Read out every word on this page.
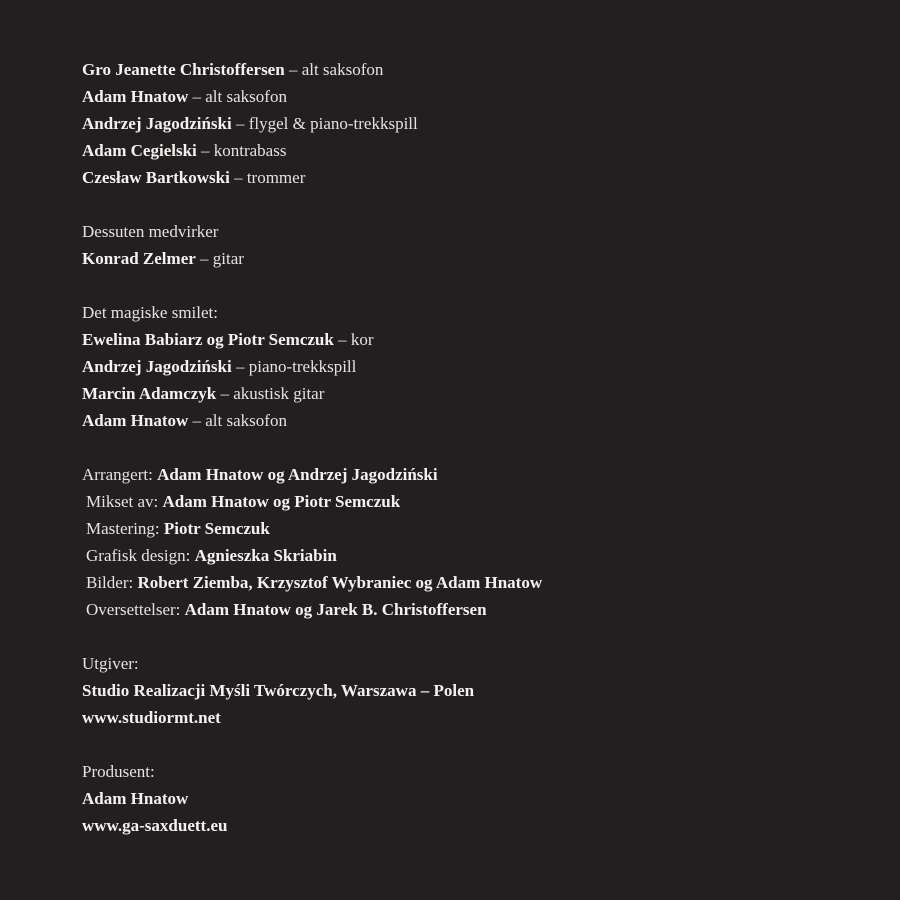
Gro Jeanette Christoffersen – alt saksofon
Adam Hnatow – alt saksofon
Andrzej Jagodziński – flygel & piano-trekkspill
Adam Cegielski – kontrabass
Czesław Bartkowski – trommer
Dessuten medvirker
Konrad Zelmer – gitar
Det magiske smilet:
Ewelina Babiarz og Piotr Semczuk – kor
Andrzej Jagodziński – piano-trekkspill
Marcin Adamczyk – akustisk gitar
Adam Hnatow – alt saksofon
Arrangert: Adam Hnatow og Andrzej Jagodziński
Mikset av: Adam Hnatow og Piotr Semczuk
Mastering: Piotr Semczuk
Grafisk design: Agnieszka Skriabin
Bilder: Robert Ziemba, Krzysztof Wybraniec og Adam Hnatow
Oversettelser: Adam Hnatow og Jarek B. Christoffersen
Utgiver:
Studio Realizacji Myśli Twórczych, Warszawa – Polen
www.studiormt.net
Produsent:
Adam Hnatow
www.ga-saxduett.eu
